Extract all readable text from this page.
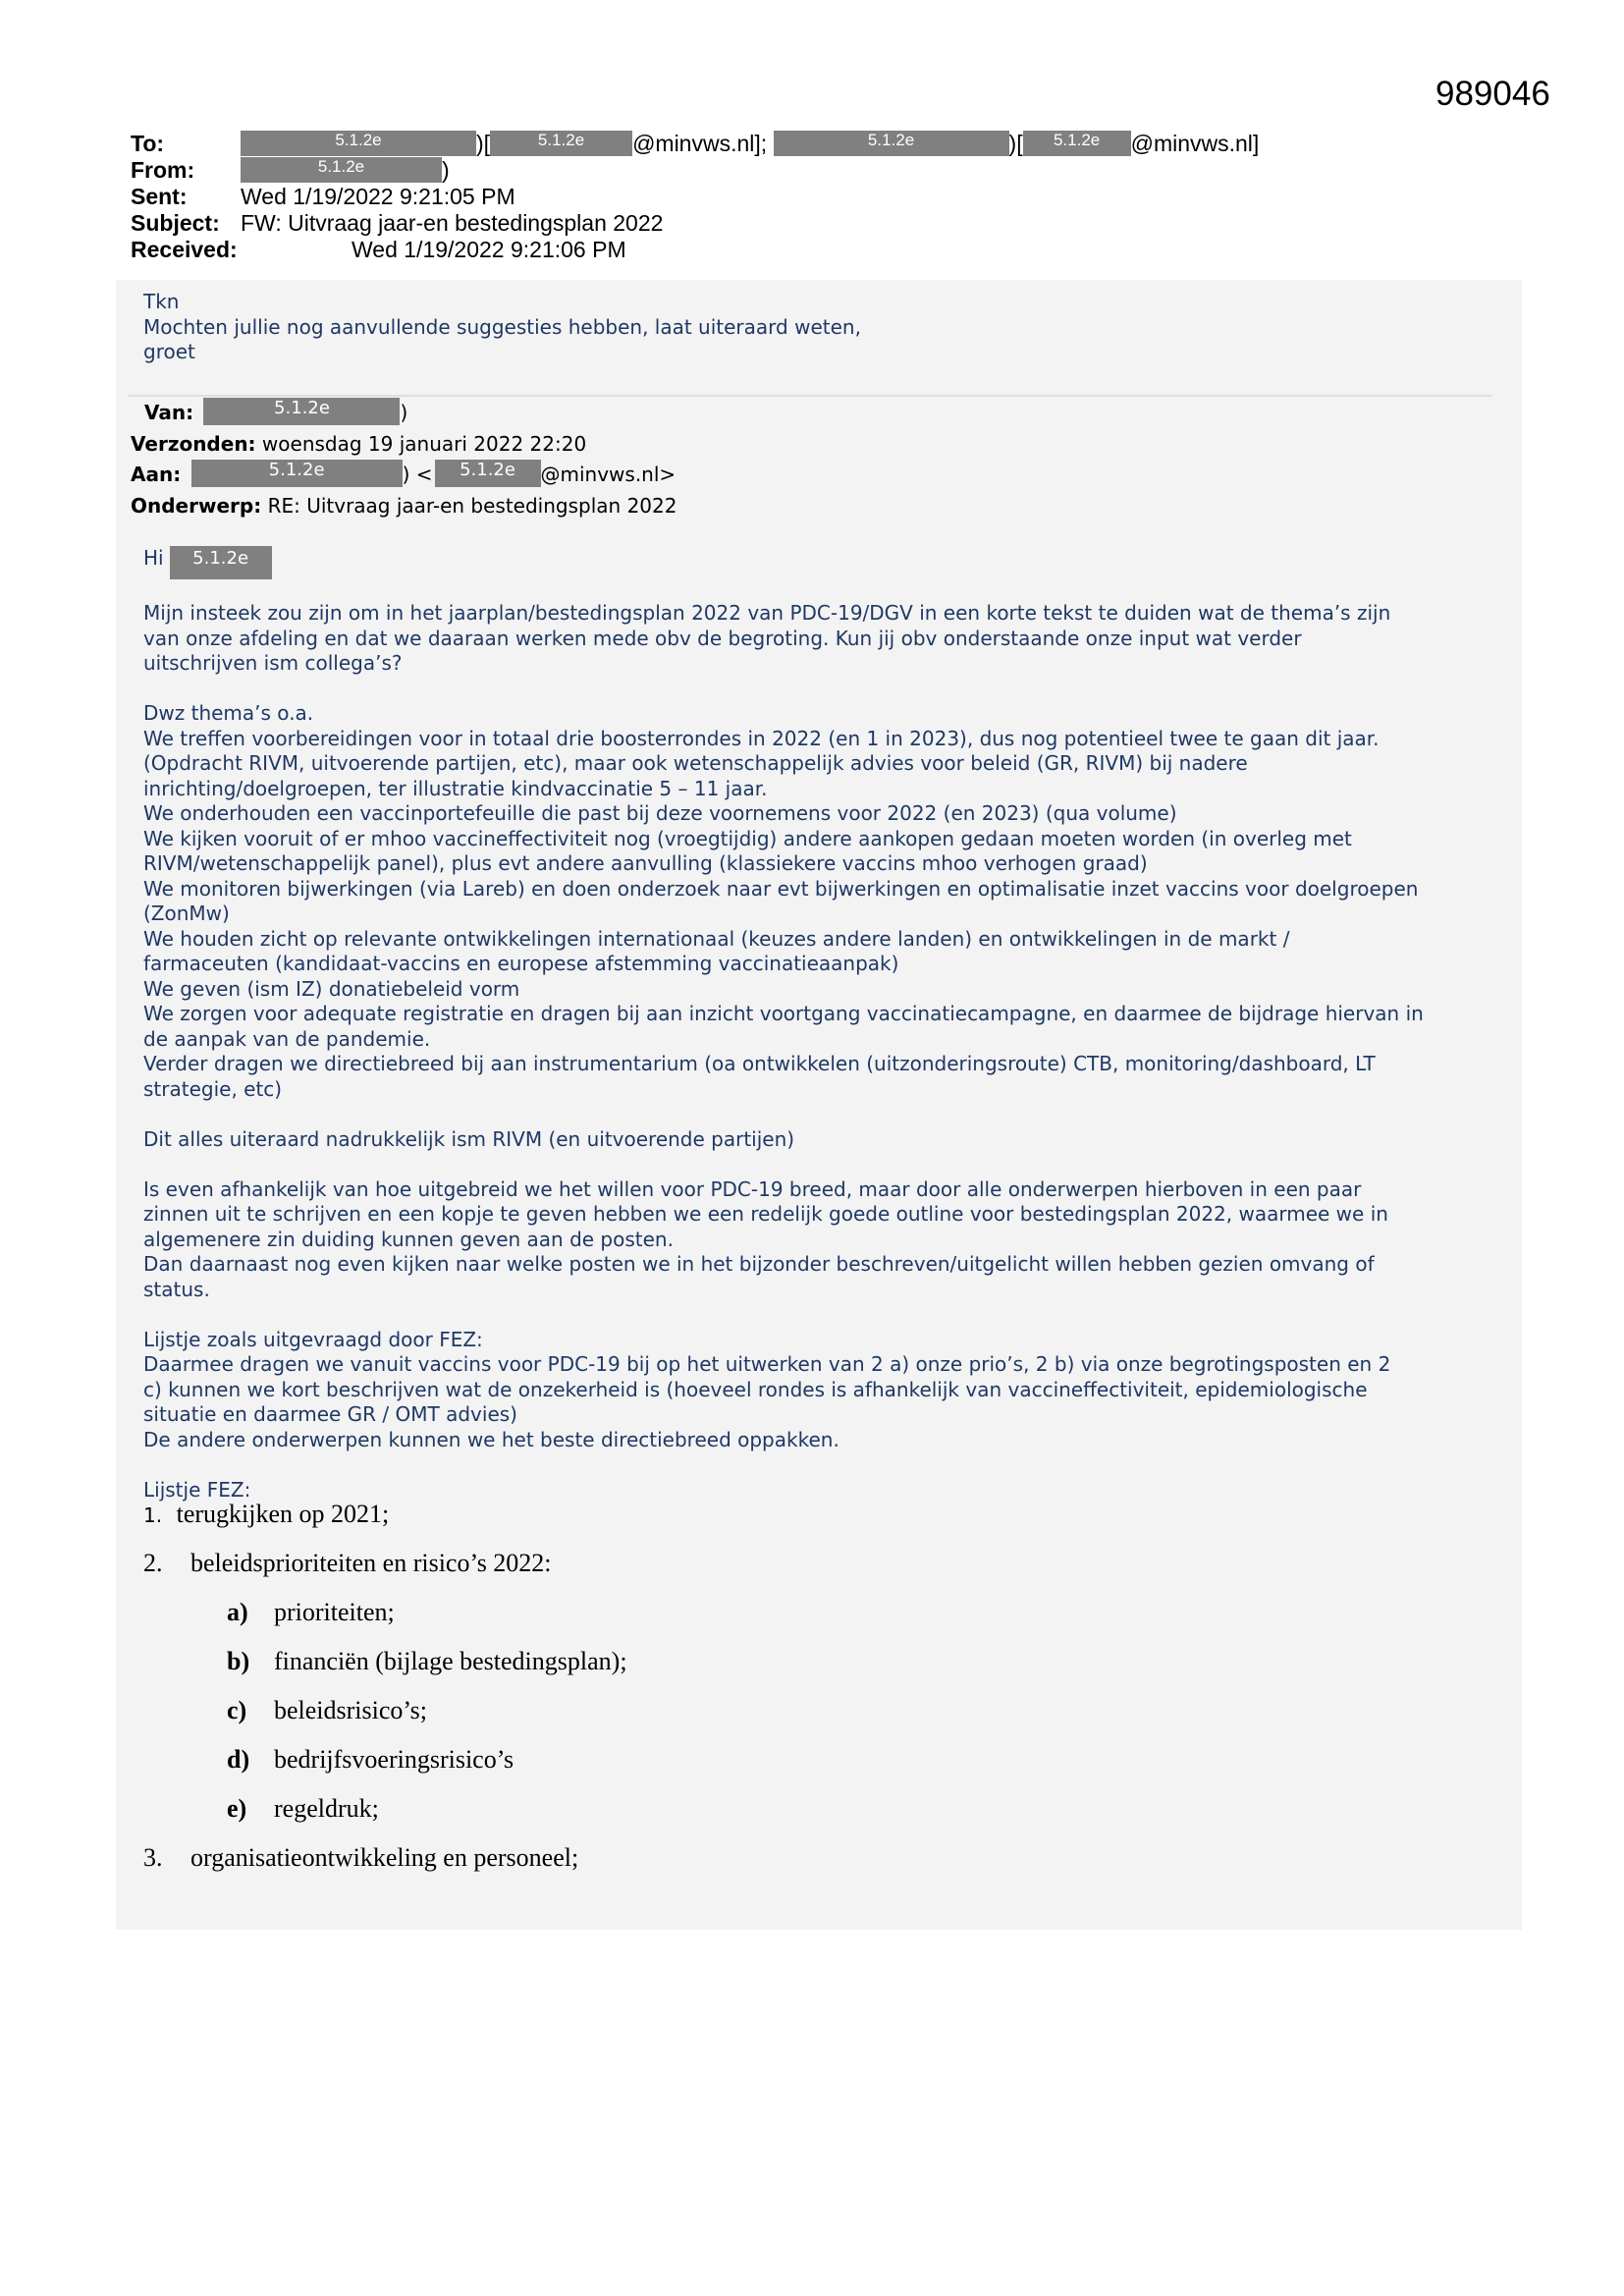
989046
To:	5.1.2e	)[	5.1.2e @minvws.nl];	5.1.2e	)[ 5.1.2e @minvws.nl]
From:	5.1.2e	)
Sent: Wed 1/19/2022 9:21:05 PM
Subject: FW: Uitvraag jaar-en bestedingsplan 2022
Received:	Wed 1/19/2022 9:21:06 PM
Tkn
Mochten jullie nog aanvullende suggesties hebben, laat uiteraard weten,
groet
Van:	5.1.2e	)
Verzonden: woensdag 19 januari 2022 22:20
Aan:	5.1.2e	) < 5.1.2e @minvws.nl>
Onderwerp: RE: Uitvraag jaar-en bestedingsplan 2022
Hi 5.1.2e
Mijn insteek zou zijn om in het jaarplan/bestedingsplan 2022 van PDC-19/DGV in een korte tekst te duiden wat de thema’s zijn
van onze afdeling en dat we daaraan werken mede obv de begroting. Kun jij obv onderstaande onze input wat verder
uitschrijven ism collega’s?
Dwz thema’s o.a.
We treffen voorbereidingen voor in totaal drie boosterrondes in 2022 (en 1 in 2023), dus nog potentieel twee te gaan dit jaar.
(Opdracht RIVM, uitvoerende partijen, etc), maar ook wetenschappelijk advies voor beleid (GR, RIVM) bij nadere
inrichting/doelgroepen, ter illustratie kindvaccinatie 5 – 11 jaar.
We onderhouden een vaccinportefeuille die past bij deze voornemens voor 2022 (en 2023) (qua volume)
We kijken vooruit of er mhoo vaccineffectiviteit nog (vroegtijdig) andere aankopen gedaan moeten worden (in overleg met
RIVM/wetenschappelijk panel), plus evt andere aanvulling (klassiekere vaccins mhoo verhogen graad)
We monitoren bijwerkingen (via Lareb) en doen onderzoek naar evt bijwerkingen en optimalisatie inzet vaccins voor doelgroepen
(ZonMw)
We houden zicht op relevante ontwikkelingen internationaal (keuzes andere landen) en ontwikkelingen in de markt /
farmaceuten (kandidaat-vaccins en europese afstemming vaccinatieaanpak)
We geven (ism IZ) donatiebeleid vorm
We zorgen voor adequate registratie en dragen bij aan inzicht voortgang vaccinatiecampagne, en daarmee de bijdrage hiervan in
de aanpak van de pandemie.
Verder dragen we directiebreed bij aan instrumentarium (oa ontwikkelen (uitzonderingsroute) CTB, monitoring/dashboard, LT
strategie, etc)
Dit alles uiteraard nadrukkelijk ism RIVM (en uitvoerende partijen)
Is even afhankelijk van hoe uitgebreid we het willen voor PDC-19 breed, maar door alle onderwerpen hierboven in een paar
zinnen uit te schrijven en een kopje te geven hebben we een redelijk goede outline voor bestedingsplan 2022, waarmee we in
algemenere zin duiding kunnen geven aan de posten.
Dan daarnaast nog even kijken naar welke posten we in het bijzonder beschreven/uitgelicht willen hebben gezien omvang of
status.
Lijstje zoals uitgevraagd door FEZ:
Daarmee dragen we vanuit vaccins voor PDC-19 bij op het uitwerken van 2 a) onze prio’s, 2 b) via onze begrotingsposten en 2
c) kunnen we kort beschrijven wat de onzekerheid is (hoeveel rondes is afhankelijk van vaccineffectiviteit, epidemiologische
situatie en daarmee GR / OMT advies)
De andere onderwerpen kunnen we het beste directiebreed oppakken.
Lijstje FEZ:
1. terugkijken op 2021;
2. beleidsprioriteiten en risico’s 2022:
a) prioriteiten;
b) financiën (bijlage bestedingsplan);
c) beleidsrisico’s;
d) bedrijfsvoeringsrisico’s
e) regeldruk;
3. organisatieontwikkeling en personeel;
